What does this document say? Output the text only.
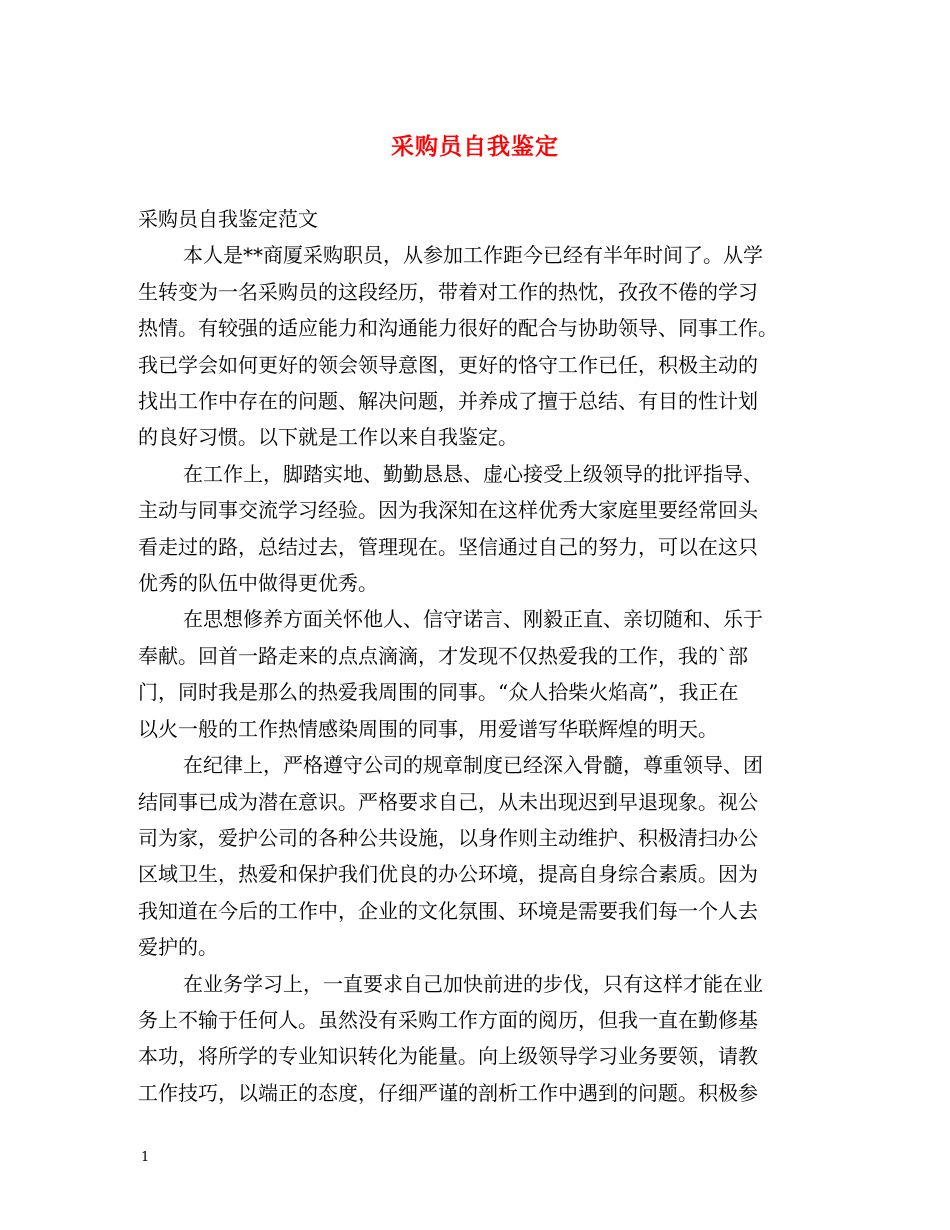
采购员自我鉴定

采购员自我鉴定范文

本人是**商厦采购职员，从参加工作距今已经有半年时间了。从学
生转变为一名采购员的这段经历，带着对工作的热忱，孜孜不倦的学习
热情。有较强的适应能力和沟通能力很好的配合与协助领导、同事工作。
我已学会如何更好的领会领导意图，更好的恪守工作已任，积极主动的
找出工作中存在的问题、解决问题，并养成了擅于总结、有目的性计划
的良好习惯。以下就是工作以来自我鉴定。

在工作上，脚踏实地、勤勤恳恳、虚心接受上级领导的批评指导、
主动与同事交流学习经验。因为我深知在这样优秀大家庭里要经常回头
看走过的路，总结过去，管理现在。坚信通过自己的努力，可以在这只
优秀的队伍中做得更优秀。

在思想修养方面关怀他人、信守诺言、刚毅正直、亲切随和、乐于
奉献。回首一路走来的点点滴滴，才发现不仅热爱我的工作，我的`部
门，同时我是那么的热爱我周围的同事。“众人拾柴火焰高”，我正在
以火一般的工作热情感染周围的同事，用爱谱写华联辉煌的明天。

在纪律上，严格遵守公司的规章制度已经深入骨髓，尊重领导、团
结同事已成为潜在意识。严格要求自己，从未出现迟到早退现象。视公
司为家，爱护公司的各种公共设施，以身作则主动维护、积极清扫办公
区域卫生，热爱和保护我们优良的办公环境，提高自身综合素质。因为
我知道在今后的工作中，企业的文化氛围、环境是需要我们每一个人去
爱护的。

在业务学习上，一直要求自己加快前进的步伐，只有这样才能在业
务上不输于任何人。虽然没有采购工作方面的阅历，但我一直在勤修基
本功，将所学的专业知识转化为能量。向上级领导学习业务要领，请教
工作技巧，以端正的态度，仔细严谨的剖析工作中遇到的问题。积极参

1
